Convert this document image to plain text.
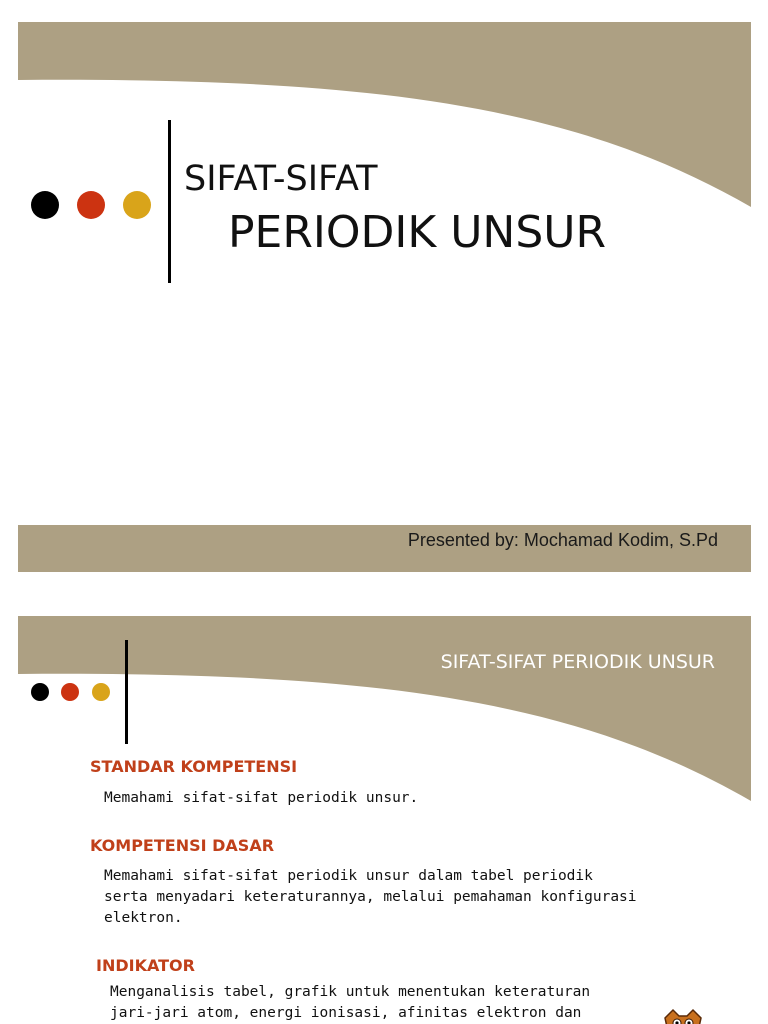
SIFAT-SIFAT
PERIODIK UNSUR
Presented by: Mochamad Kodim, S.Pd
SIFAT-SIFAT PERIODIK UNSUR
STANDAR KOMPETENSI
Memahami sifat-sifat periodik unsur.
KOMPETENSI DASAR
Memahami sifat-sifat periodik unsur dalam tabel periodik
serta menyadari keteraturannya, melalui pemahaman konfigurasi
elektron.
INDIKATOR
Menganalisis tabel, grafik untuk menentukan keteraturan
jari-jari atom, energi ionisasi, afinitas elektron dan
